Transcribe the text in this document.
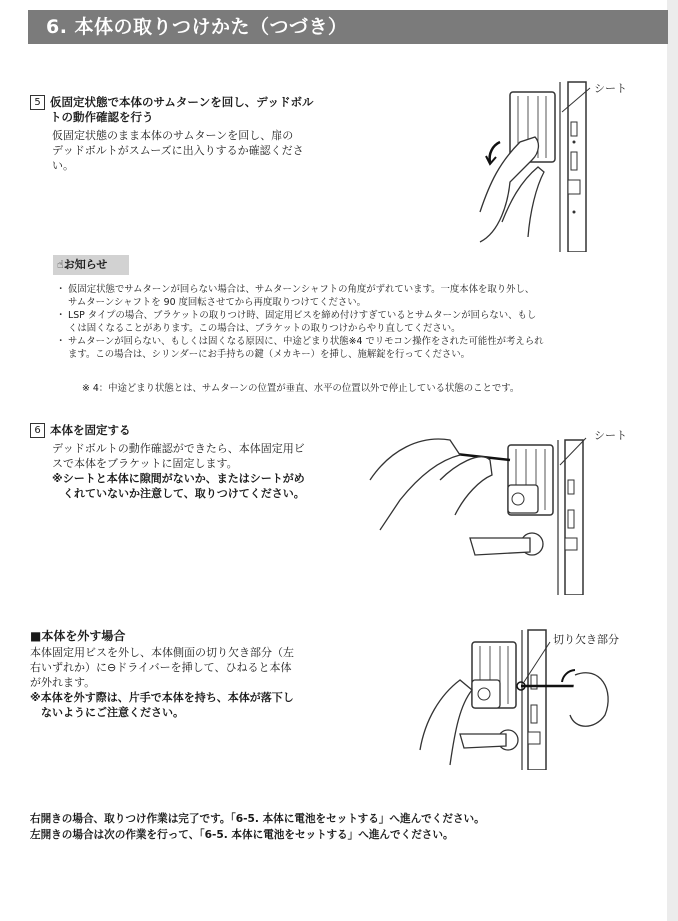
6. 本体の取りつけかた（つづき）
5 仮固定状態で本体のサムターンを回し、デッドボル
トの動作確認を行う
仮固定状態のまま本体のサムターンを回し、扉の
デッドボルトがスムーズに出入りするか確認くださ
い。
シート
☝お知らせ
・ 仮固定状態でサムターンが回らない場合は、サムターンシャフトの角度がずれています。一度本体を取り外し、
サムターンシャフトを 90 度回転させてから再度取りつけてください。
・ LSP タイプの場合、ブラケットの取りつけ時、固定用ビスを締め付けすぎているとサムターンが回らない、もし
くは固くなることがあります。この場合は、ブラケットの取りつけからやり直してください。
・ サムターンが回らない、もしくは固くなる原因に、中途どまり状態※4 でリモコン操作をされた可能性が考えられ
ます。この場合は、シリンダーにお手持ちの鍵（メカキー）を挿し、施解錠を行ってください。
※ 4：中途どまり状態とは、サムターンの位置が垂直、水平の位置以外で停止している状態のことです。
6 本体を固定する
デッドボルトの動作確認ができたら、本体固定用ビ
スで本体をブラケットに固定します。
※シートと本体に隙間がないか、またはシートがめ
くれていないか注意して、取りつけてください。
シート
■本体を外す場合
本体固定用ビスを外し、本体側面の切り欠き部分（左
右いずれか）に⊖ドライバーを挿して、ひねると本体
が外れます。
※本体を外す際は、片手で本体を持ち、本体が落下し
ないようにご注意ください。
切り欠き部分
右開きの場合、取りつけ作業は完了です。「6-5. 本体に電池をセットする」へ進んでください。
左開きの場合は次の作業を行って、「6-5. 本体に電池をセットする」へ進んでください。
